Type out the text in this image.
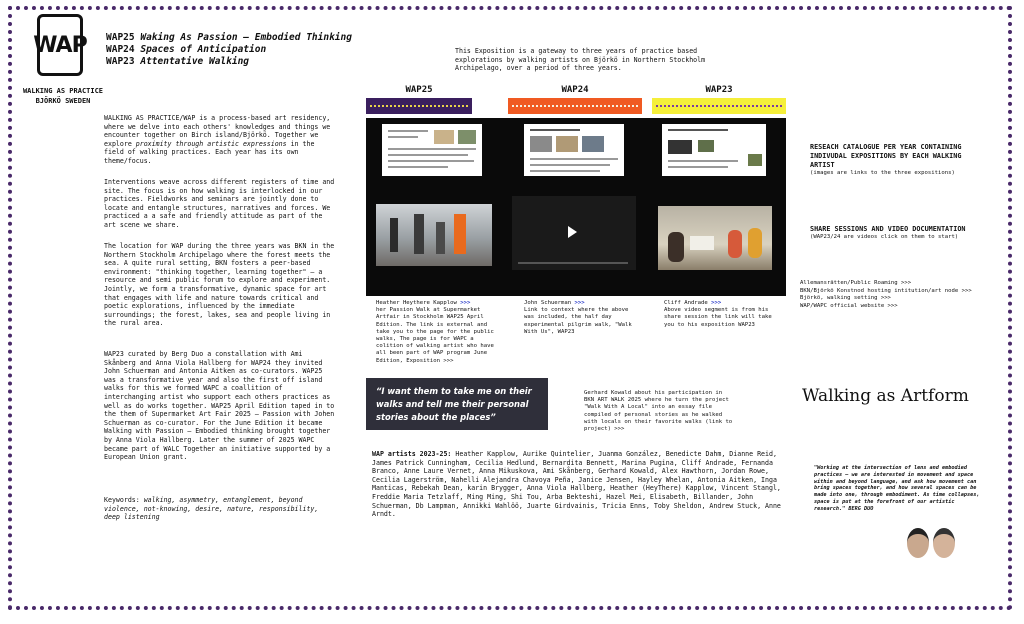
WAP
WALKING AS PRACTICE
BJÖRKÖ SWEDEN
WAP25 Waking As Passion – Embodied Thinking
WAP24 Spaces of Anticipation
WAP23 Attentative Walking
WALKING AS PRACTICE/WAP is a process-based art residency, where we delve into each others' knowledges and things we encounter together on Birch island/Björkö. Together we explore proximity through artistic expressions in the field of walking practices. Each year has its own theme/focus.
Interventions weave across different registers of time and site. The focus is on how walking is interlocked in our practices. Fieldworks and seminars are jointly done to locate and entangle structures, narratives and forces. We practiced a a safe and friendly attitude as part of the art scene we share.
The location for WAP during the three years was BKN in the Northern Stockholm Archipelago where the forest meets the sea. A quite rural setting, BKN fosters a peer-based environment: "thinking together, learning together" – a resource and semi public forum to explore and experiment. Jointly, we form a transformative, dynamic space for art that engages with life and nature towards critical and poetic explorations, influenced by the immediate surroundings; the forest, lakes, sea and people living in the rural area.
WAP23 curated by Berg Duo a constallation with Ami Skånberg and Anna Viola Hallberg for WAP24 they invited John Schuerman and Antonia Aitken as co-curators. WAP25 was a transformative year and also the first off island walks for this we formed WAPC a coallition of interchanging artist who support each others practices as well as do works together. WAP25 April Edition taped in to the them of Supermarket Art Fair 2025 – Passion with Johen Schuerman as co-curator. For the June Edition it became Walking with Passion – Embodied thinking brought together by Anna Viola Hallberg. Later the summer of 2025 WAPC became part of WALC Together an initiative supported by a European Union grant.
Keywords: walking, asymmetry, entanglement, beyond violence, not-knowing, desire, nature, responsibility, deep listening
This Exposition is a gateway to three years of practice based explorations by walking artists on Björkö in Northern Stockholm Archipelago, over a period of three years.
WAP25	WAP24	WAP23
Heather Heythere Kapplow >>>
her Passion Walk at Supermarket Artfair in Stockholm WAP25 April Edition. The link is external and take you to the page for the public walks, The page is for WAPC a colition of walking artist who have all been part of WAP program June Edition, Exposition >>>
John Schuerman >>>
Link to context where the above was included, the half day experimental pilgrim walk, "Walk With Us", WAP23
Cliff Andrade >>>
Above video segment is from his share session the link will take you to his exposition WAP23
RESEACH CATALOGUE PER YEAR CONTAINING INDIVUDAL EXPOSITIONS BY EACH WALKING ARTIST
(images are links to the three expositions)
SHARE SESSIONS AND VIDEO DOCUMENTATION
(WAP23/24 are videos click on them to start)
Allemansrätten/Public Roaming >>>
BKN/Björkö Konstnod hosting intitution/art node >>>
Björkö, walking setting >>>
WAP/WAPC official website >>>
“I want them to take me on their walks and tell me their personal stories about the places”
Gerhard Kowald about his participation in BKN ART WALK 2025 where he turn the project "Walk With A Local" into an essay file compiled of personal stories as he walked with locals on their favorite walks (link to project) >>>
Walking as Artform
"Working at the intersection of lens and embodied practices – we are interested in movement and space within and beyond language, and ask how movement can bring spaces together, and how several spaces can be made into one, through embodiment. As time collapses, space is put at the forefront of our artistic research." BERG DUO
WAP artists 2023-25: Heather Kapplow, Aurike Quintelier, Juanma González, Benedicte Dahm, Dianne Reid, James Patrick Cunningham, Cecilia Hedlund, Bernardita Bennett, Marina Pugina, Cliff Andrade, Fernanda Branco, Anne Laure Vernet, Anna Mikuskova, Ami Skånberg, Gerhard Kowald, Alex Hawthorn, Jordan Rowe, Cecilia Lagerström, Nahelli Alejandra Chavoya Peña, Janice Jensen, Hayley Whelan, Antonia Aitken, Inga Manticas, Rebekah Dean, karin Brygger, Anna Viola Hallberg, Heather (HeyThere) Kapplow, Vincent Stangl, Freddie Maria Tetzlaff, Ming Ming, Shi Tou, Arba Bekteshi, Hazel Mei, Elisabeth, Billander, John Schuerman, Db Lampman, Annikki Wahlöö, Juarte Girdvainis, Tricia Enns, Toby Sheldon, Andrew Stuck, Anne Arndt.
